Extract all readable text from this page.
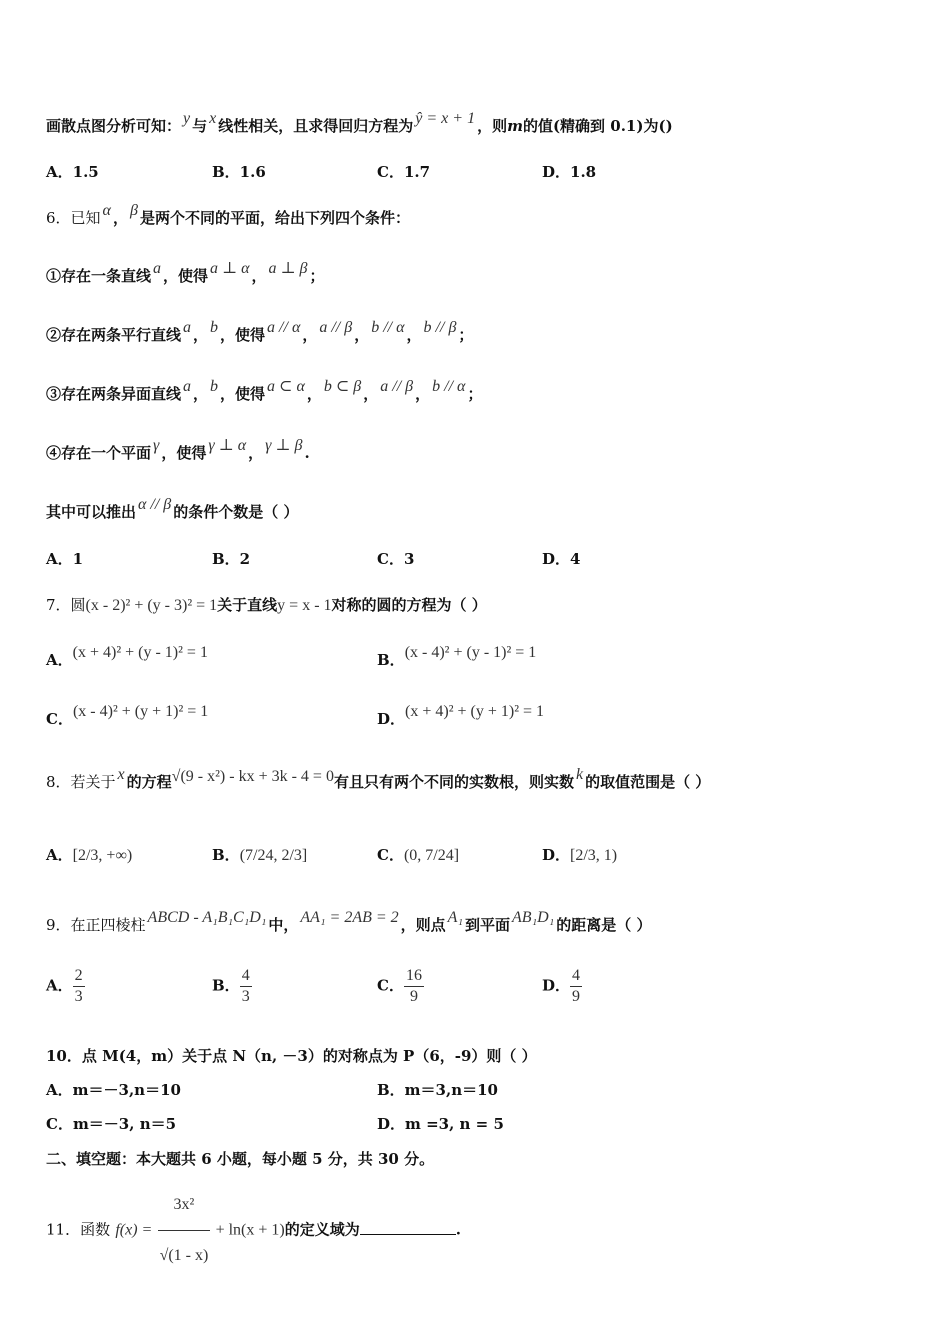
画散点图分析可知： y 与 x 线性相关，且求得回归方程为 ŷ = x + 1 ，则m的值(精确到 0.1)为()
A．1.5	B．1.6	C．1.7	D．1.8
6．已知 α ， β 是两个不同的平面，给出下列四个条件：
①存在一条直线 a ，使得 a ⊥ α ， a ⊥ β ；
②存在两条平行直线 a ， b ，使得 a // α ， a // β ， b // α ， b // β ；
③存在两条异面直线 a ， b ，使得 a ⊂ α ， b ⊂ β ， a // β ， b // α ；
④存在一个平面 γ ，使得 γ ⊥ α ， γ ⊥ β .
其中可以推出 α // β 的条件个数是（ ）
A．1	B．2	C．3	D．4
7．圆(x - 2)² + (y - 3)² = 1关于直线y = x - 1对称的圆的方程为（ ）
A．(x + 4)² + (y - 1)² = 1	B．(x - 4)² + (y - 1)² = 1
C．(x - 4)² + (y + 1)² = 1	D．(x + 4)² + (y + 1)² = 1
8．若关于 x 的方程√(9 - x²) - kx + 3k - 4 = 0有且只有两个不同的实数根，则实数 k 的取值范围是（ ）
A．[2/3, +∞)	B．(7/24, 2/3]	C．(0, 7/24]	D．[2/3, 1)
9．在正四棱柱 ABCD - A₁B₁C₁D₁ 中， AA₁ = 2AB = 2 ，则点 A₁ 到平面 AB₁D₁ 的距离是（ ）
A． $\frac{2}{3}$	B． $\frac{4}{3}$	C． $\frac{16}{9}$	D． $\frac{4}{9}$
10．点 M(4，m）关于点 N（n, －3）的对称点为 P（6，-9）则（ ）
A．m＝－3,n＝10	B．m＝3,n＝10
C．m＝－3, n＝5	D．m =3, n = 5
二、填空题：本大题共 6 小题，每小题 5 分，共 30 分。
11．函数 $f(x) = \frac{\text{3x²}}{√(1 - x)} + \ln(x + 1)$的定义域为	.
